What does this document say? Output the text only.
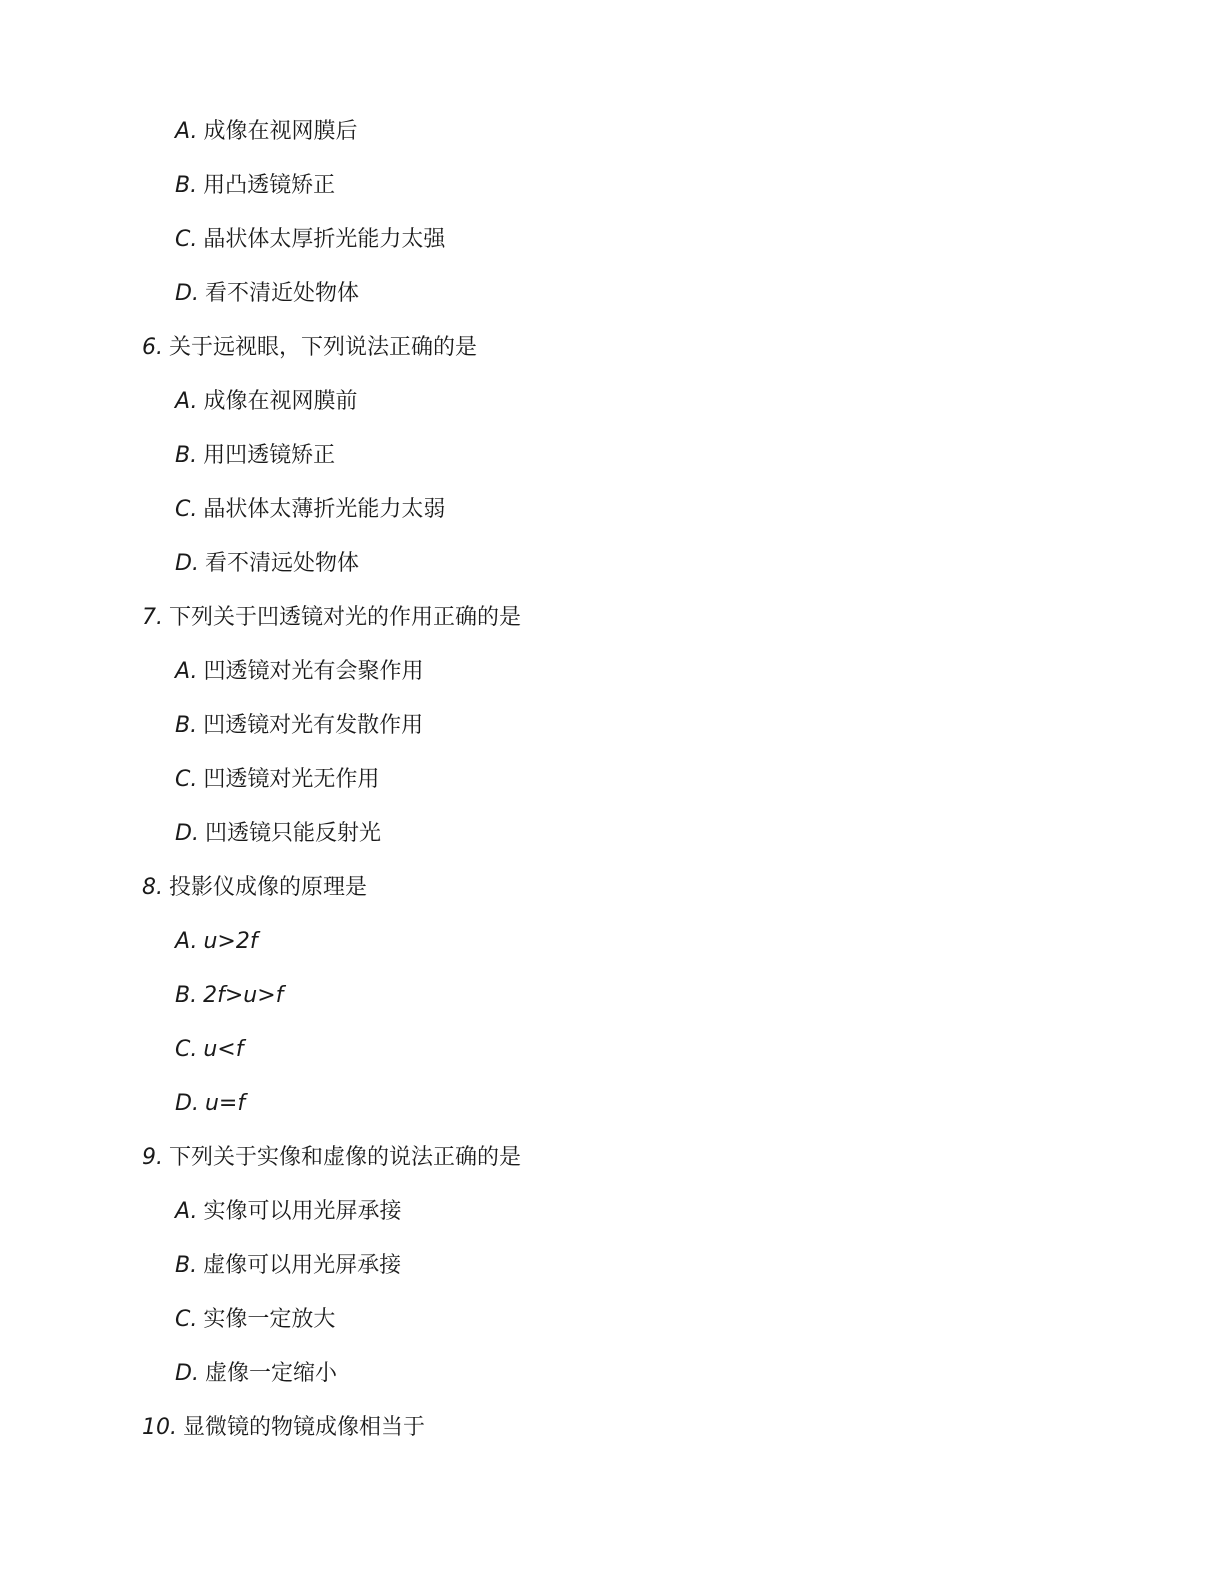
A. 成像在视网膜后
B. 用凸透镜矫正
C. 晶状体太厚折光能力太强
D. 看不清近处物体
6. 关于远视眼，下列说法正确的是
A. 成像在视网膜前
B. 用凹透镜矫正
C. 晶状体太薄折光能力太弱
D. 看不清远处物体
7. 下列关于凹透镜对光的作用正确的是
A. 凹透镜对光有会聚作用
B. 凹透镜对光有发散作用
C. 凹透镜对光无作用
D. 凹透镜只能反射光
8. 投影仪成像的原理是
A. u>2f
B. 2f>u>f
C. u<f
D. u=f
9. 下列关于实像和虚像的说法正确的是
A. 实像可以用光屏承接
B. 虚像可以用光屏承接
C. 实像一定放大
D. 虚像一定缩小
10. 显微镜的物镜成像相当于
